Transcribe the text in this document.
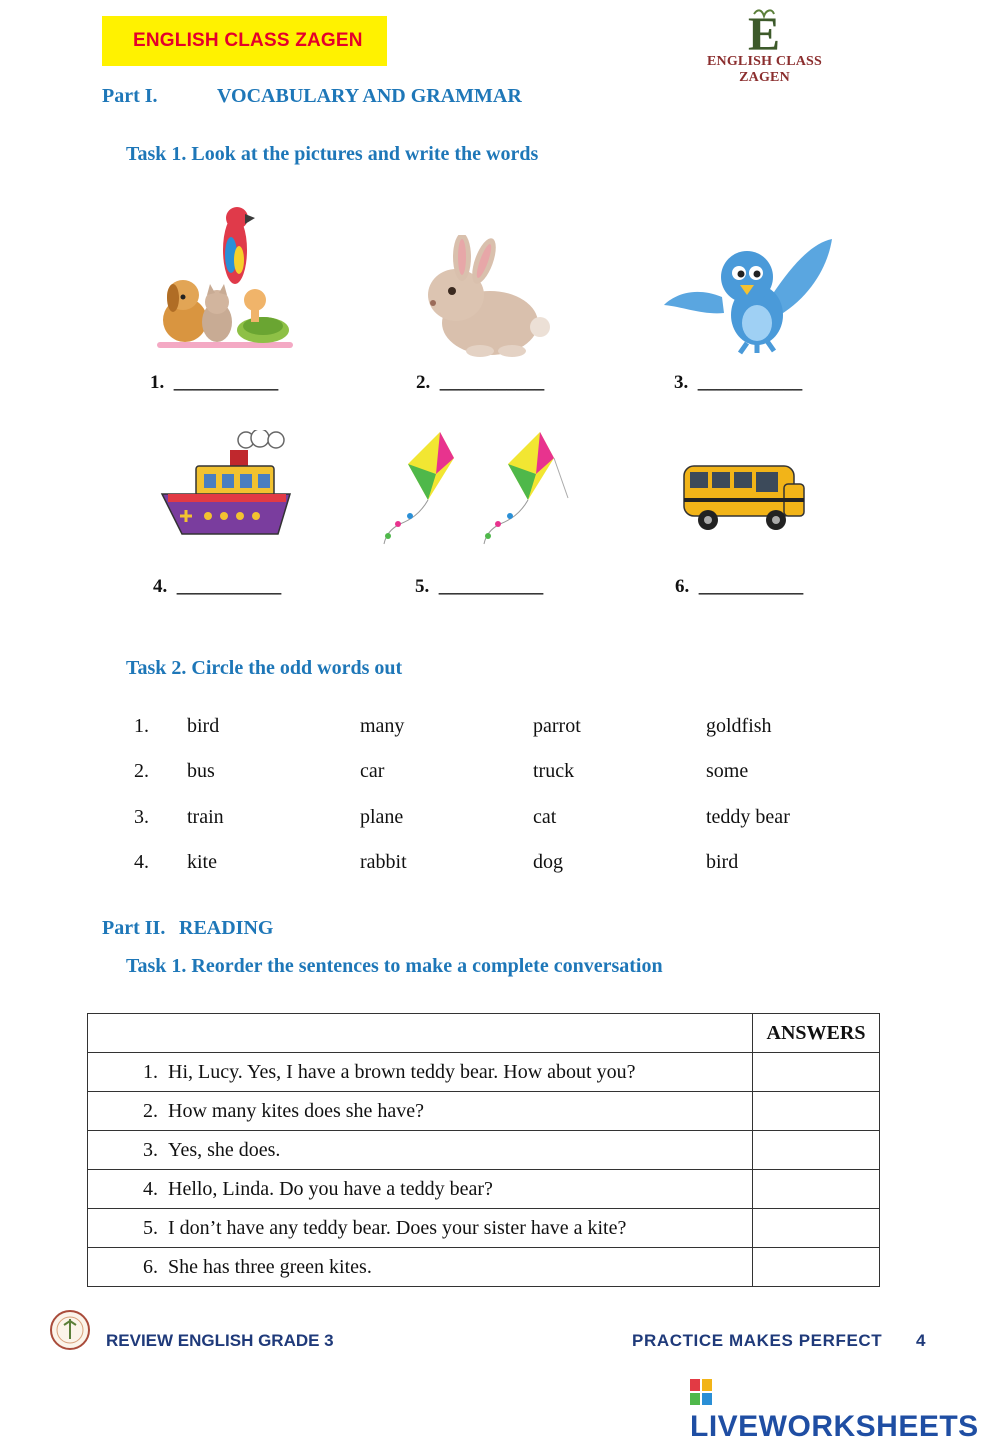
ENGLISH CLASS ZAGEN	E
ENGLISH CLASS ZAGEN
Part I.	VOCABULARY AND GRAMMAR
Task 1. Look at the pictures and write the words
1. ___________	2. ___________	3. ___________
4. ___________	5. ___________	6. ___________
Task 2. Circle the odd words out
1. bird	many	parrot	goldfish
2. bus	car	truck	some
3. train	plane	cat	teddy bear
4. kite	rabbit	dog	bird
Part II. READING
Task 1. Reorder the sentences to make a complete conversation
	ANSWERS
1. Hi, Lucy. Yes, I have a brown teddy bear. How about you?	
2. How many kites does she have?	
3. Yes, she does.	
4. Hello, Linda. Do you have a teddy bear?	
5. I don’t have any teddy bear. Does your sister have a kite?	
6. She has three green kites.	
REVIEW ENGLISH GRADE 3	PRACTICE MAKES PERFECT 4
LIVEWORKSHEETS
